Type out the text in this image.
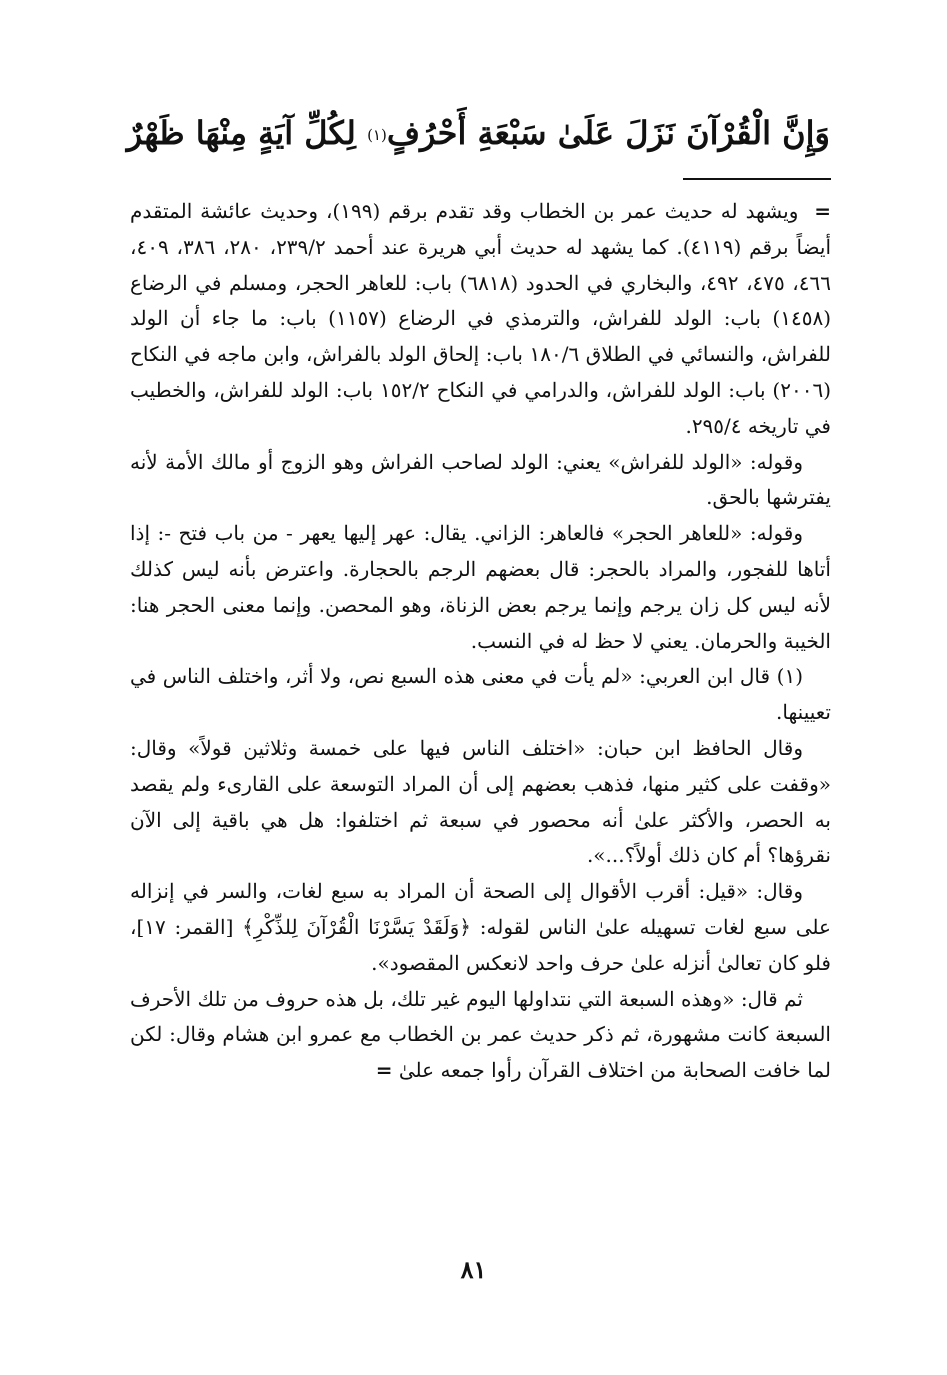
وَإِنَّ الْقُرْآنَ نَزَلَ عَلَىٰ سَبْعَةِ أَحْرُفٍ$^{(١)}$ لِكُلِّ آيَةٍ مِنْهَا ظَهْرٌ

=  ويشهد له حديث عمر بن الخطاب وقد تقدم برقم (١٩٩)، وحديث عائشة المتقدم أيضاً برقم (٤١١٩). كما يشهد له حديث أبي هريرة عند أحمد ٢٣٩/٢، ٢٨٠، ٣٨٦، ٤٠٩، ٤٦٦، ٤٧٥، ٤٩٢، والبخاري في الحدود (٦٨١٨) باب: للعاهر الحجر، ومسلم في الرضاع (١٤٥٨) باب: الولد للفراش، والترمذي في الرضاع (١١٥٧) باب: ما جاء أن الولد للفراش، والنسائي في الطلاق ١٨٠/٦ باب: إلحاق الولد بالفراش، وابن ماجه في النكاح (٢٠٠٦) باب: الولد للفراش، والدرامي في النكاح ١٥٢/٢ باب: الولد للفراش، والخطيب في تاريخه ٢٩٥/٤.

وقوله: «الولد للفراش» يعني: الولد لصاحب الفراش وهو الزوج أو مالك الأمة لأنه يفترشها بالحق.

وقوله: «للعاهر الحجر» فالعاهر: الزاني. يقال: عهر إليها يعهر - من باب فتح -: إذا أتاها للفجور، والمراد بالحجر: قال بعضهم الرجم بالحجارة. واعترض بأنه ليس كذلك لأنه ليس كل زان يرجم وإنما يرجم بعض الزناة، وهو المحصن. وإنما معنى الحجر هنا: الخيبة والحرمان. يعني لا حظ له في النسب.

(١) قال ابن العربي: «لم يأت في معنى هذه السبع نص، ولا أثر، واختلف الناس في تعيينها.

وقال الحافظ ابن حبان: «اختلف الناس فيها على خمسة وثلاثين قولاً» وقال: «وقفت على كثير منها، فذهب بعضهم إلى أن المراد التوسعة على القارىء ولم يقصد به الحصر، والأكثر علىٰ أنه محصور في سبعة ثم اختلفوا: هل هي باقية إلى الآن نقرؤها؟ أم كان ذلك أولاً؟...».

وقال: «قيل: أقرب الأقوال إلى الصحة أن المراد به سبع لغات، والسر في إنزاله على سبع لغات تسهيله علىٰ الناس لقوله: ﴿وَلَقَدْ يَسَّرْنَا الْقُرْآنَ لِلذِّكْرِ﴾ [القمر: ١٧]، فلو كان تعالىٰ أنزله علىٰ حرف واحد لانعكس المقصود».

ثم قال: «وهذه السبعة التي نتداولها اليوم غير تلك، بل هذه حروف من تلك الأحرف السبعة كانت مشهورة، ثم ذكر حديث عمر بن الخطاب مع عمرو ابن هشام وقال: لكن لما خافت الصحابة من اختلاف القرآن رأوا جمعه علىٰ =

٨١
